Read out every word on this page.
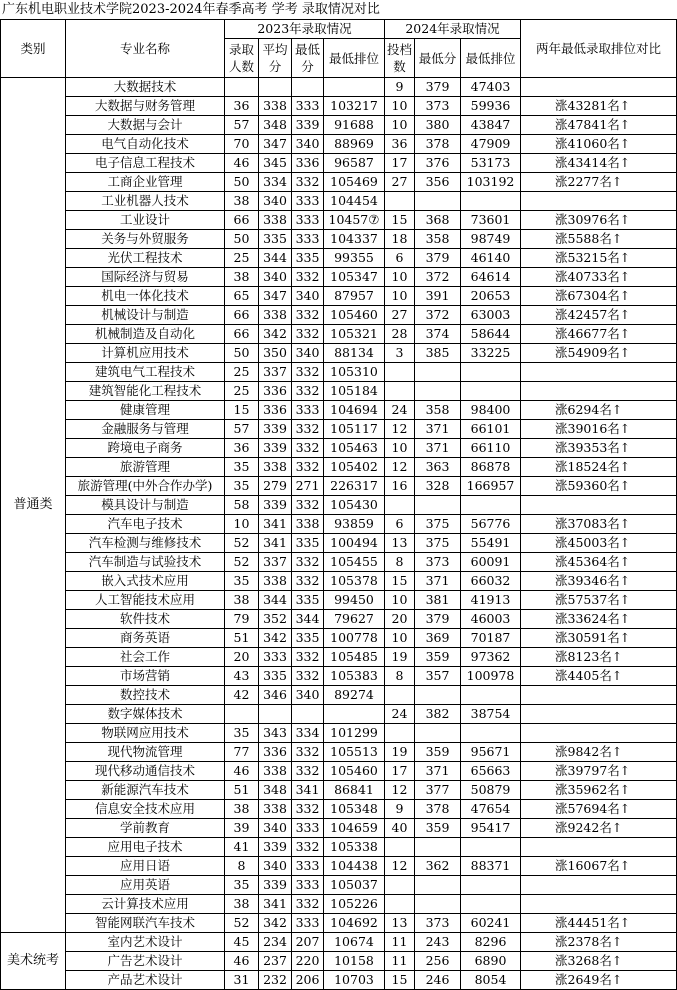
广东机电职业技术学院2023-2024年春季高考 学考 录取情况对比
类别	专业名称	2023年录取情况				2024年录取情况			两年最低录取排位对比
		录取人数	平均分	最低分	最低排位	投档数	最低分	最低排位	
普通类	大数据技术					9	379	47403	
	大数据与财务管理	36	338	333	103217	10	373	59936	涨43281名↑
	大数据与会计	57	348	339	91688	10	380	43847	涨47841名↑
	电气自动化技术	70	347	340	88969	36	378	47909	涨41060名↑
	电子信息工程技术	46	345	336	96587	17	376	53173	涨43414名↑
	工商企业管理	50	334	332	105469	27	356	103192	涨2277名↑
	工业机器人技术	38	340	333	104454				
	工业设计	66	338	333	10457⑦	15	368	73601	涨30976名↑
	关务与外贸服务	50	335	333	104337	18	358	98749	涨5588名↑
	光伏工程技术	25	344	335	99355	6	379	46140	涨53215名↑
	国际经济与贸易	38	340	332	105347	10	372	64614	涨40733名↑
	机电一体化技术	65	347	340	87957	10	391	20653	涨67304名↑
	机械设计与制造	66	338	332	105460	27	372	63003	涨42457名↑
	机械制造及自动化	66	342	332	105321	28	374	58644	涨46677名↑
	计算机应用技术	50	350	340	88134	3	385	33225	涨54909名↑
	建筑电气工程技术	25	337	332	105310				
	建筑智能化工程技术	25	336	332	105184				
	健康管理	15	336	333	104694	24	358	98400	涨6294名↑
	金融服务与管理	57	339	332	105117	12	371	66101	涨39016名↑
	跨境电子商务	36	339	332	105463	10	371	66110	涨39353名↑
	旅游管理	35	338	332	105402	12	363	86878	涨18524名↑
	旅游管理(中外合作办学)	35	279	271	226317	16	328	166957	涨59360名↑
	模具设计与制造	58	339	332	105430				
	汽车电子技术	10	341	338	93859	6	375	56776	涨37083名↑
	汽车检测与维修技术	52	341	335	100494	13	375	55491	涨45003名↑
	汽车制造与试验技术	52	337	332	105455	8	373	60091	涨45364名↑
	嵌入式技术应用	35	338	332	105378	15	371	66032	涨39346名↑
	人工智能技术应用	38	344	335	99450	10	381	41913	涨57537名↑
	软件技术	79	352	344	79627	20	379	46003	涨33624名↑
	商务英语	51	342	335	100778	10	369	70187	涨30591名↑
	社会工作	20	333	332	105485	19	359	97362	涨8123名↑
	市场营销	43	335	332	105383	8	357	100978	涨4405名↑
	数控技术	42	346	340	89274				
	数字媒体技术					24	382	38754	
	物联网应用技术	35	343	334	101299				
	现代物流管理	77	336	332	105513	19	359	95671	涨9842名↑
	现代移动通信技术	46	338	332	105460	17	371	65663	涨39797名↑
	新能源汽车技术	51	348	341	86841	12	377	50879	涨35962名↑
	信息安全技术应用	38	338	332	105348	9	378	47654	涨57694名↑
	学前教育	39	340	333	104659	40	359	95417	涨9242名↑
	应用电子技术	41	339	332	105338				
	应用日语	8	340	333	104438	12	362	88371	涨16067名↑
	应用英语	35	339	333	105037				
	云计算技术应用	38	341	332	105226				
	智能网联汽车技术	52	342	333	104692	13	373	60241	涨44451名↑
美术统考	室内艺术设计	45	234	207	10674	11	243	8296	涨2378名↑
	广告艺术设计	46	237	220	10158	11	256	6890	涨3268名↑
	产品艺术设计	31	232	206	10703	15	246	8054	涨2649名↑
